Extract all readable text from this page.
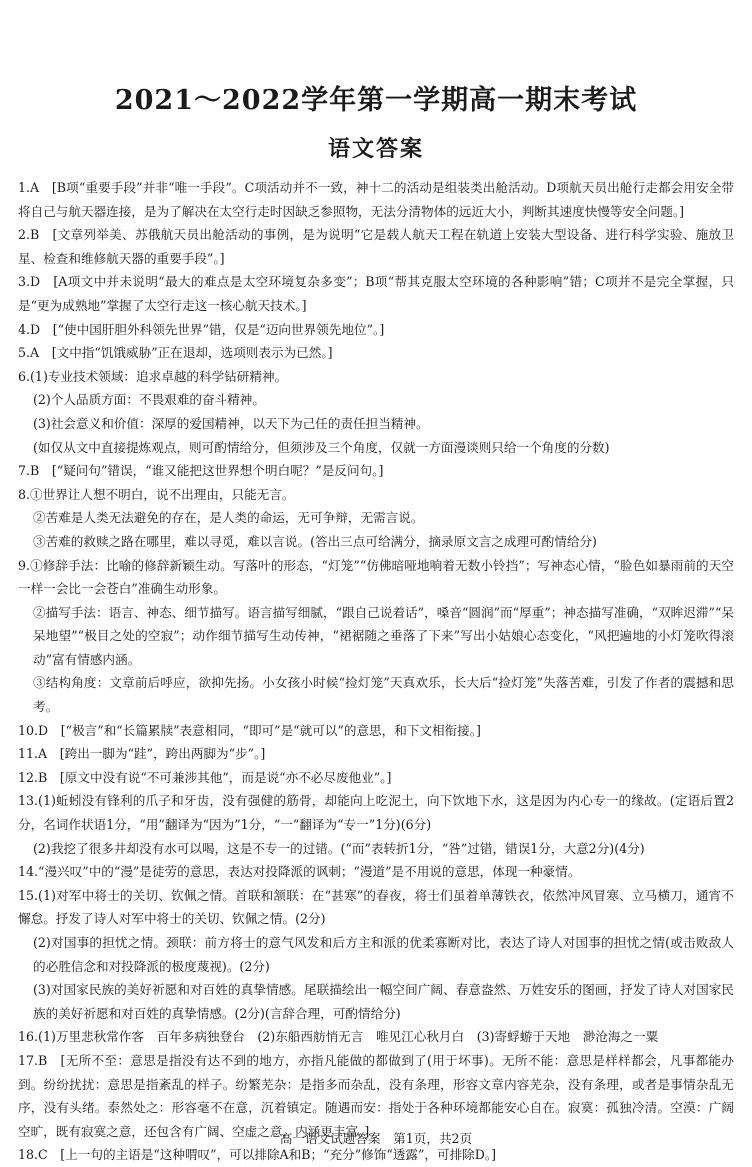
2021～2022学年第一学期高一期末考试
语文答案

1.A　[B项“重要手段”并非“唯一手段”。C项活动并不一致，神十二的活动是组装类出舱活动。D项航天员出舱行走都会用安全带将自己与航天器连接，是为了解决在太空行走时因缺乏参照物，无法分清物体的远近大小，判断其速度快慢等安全问题。]

2.B　[文章列举美、苏俄航天员出舱活动的事例，是为说明“它是载人航天工程在轨道上安装大型设备、进行科学实验、施放卫星、检查和维修航天器的重要手段”。]

3.D　[A项文中并未说明“最大的难点是太空环境复杂多变”；B项“帮其克服太空环境的各种影响”错；C项并不是完全掌握，只是“更为成熟地”掌握了太空行走这一核心航天技术。]

4.D　[“使中国肝胆外科领先世界”错，仅是“迈向世界领先地位”。]

5.A　[文中指“饥饿威胁”正在退却，选项则表示为已然。]

6.(1)专业技术领域：追求卓越的科学钻研精神。

(2)个人品质方面：不畏艰难的奋斗精神。

(3)社会意义和价值：深厚的爱国精神，以天下为己任的责任担当精神。

(如仅从文中直接提炼观点，则可酌情给分，但须涉及三个角度，仅就一方面漫谈则只给一个角度的分数)

7.B　[“疑问句”错误，“谁又能把这世界想个明白呢？”是反问句。]

8.①世界让人想不明白，说不出理由，只能无言。

②苦难是人类无法避免的存在，是人类的命运，无可争辩，无需言说。

③苦难的救赎之路在哪里，难以寻觅，难以言说。(答出三点可给满分，摘录原文言之成理可酌情给分)

9.①修辞手法：比喻的修辞新颖生动。写落叶的形态，“灯笼”“仿佛暗哑地响着无数小铃挡”；写神态心情，“脸色如暴雨前的天空一样一会比一会苍白”准确生动形象。

②描写手法：语言、神态、细节描写。语言描写细腻，“跟自己说着话”，嗓音“圆润”而“厚重”；神态描写准确，“双眸迟滞”“呆呆地望”“极目之处的空寂”；动作细节描写生动传神，“裙裾随之垂落了下来”写出小姑娘心态变化，“风把遍地的小灯笼吹得滚动”富有情感内涵。

③结构角度：文章前后呼应，欲抑先扬。小女孩小时候“捡灯笼”天真欢乐，长大后“捡灯笼”失落苦难，引发了作者的震撼和思考。

10.D　[“极言”和“长篇累牍”表意相同，“即可”是“就可以”的意思，和下文相衔接。]

11.A　[跨出一脚为“跬”，跨出两脚为“步”。]

12.B　[原文中没有说“不可兼涉其他”，而是说“亦不必尽废他业”。]

13.(1)蚯蚓没有锋利的爪子和牙齿，没有强健的筋骨，却能向上吃泥土，向下饮地下水，这是因为内心专一的缘故。(定语后置2分，名词作状语1分，“用”翻译为“因为”1分，“一”翻译为“专一”1分)(6分)

(2)我挖了很多井却没有水可以喝，这是不专一的过错。(“而”表转折1分，“咎”过错，错误1分，大意2分)(4分)

14.“漫兴叹”中的“漫”是徒劳的意思，表达对投降派的讽刺；“漫道”是不用说的意思，体现一种豪情。

15.(1)对军中将士的关切、钦佩之情。首联和颔联：在“甚寒”的春夜，将士们虽着单薄铁衣，依然冲风冒寒、立马横刀，通宵不懈怠。抒发了诗人对军中将士的关切、钦佩之情。(2分)

(2)对国事的担忧之情。颈联：前方将士的意气风发和后方主和派的优柔寡断对比，表达了诗人对国事的担忧之情(或击败敌人的必胜信念和对投降派的极度蔑视)。(2分)

(3)对国家民族的美好祈愿和对百姓的真挚情感。尾联描绘出一幅空间广阔、春意盎然、万姓安乐的图画，抒发了诗人对国家民族的美好祈愿和对百姓的真挚情感。(2分)(言辞合理，可酌情给分)

16.(1)万里悲秋常作客　百年多病独登台　(2)东船西舫悄无言　唯见江心秋月白　(3)寄蜉蝣于天地　渺沧海之一粟

17.B　[无所不至：意思是指没有达不到的地方，亦指凡能做的都做到了(用于坏事)。无所不能：意思是样样都会，凡事都能办到。纷纷扰扰：意思是指紊乱的样子。纷繁芜杂：是指多而杂乱，没有条理，形容文章内容芜杂，没有条理，或者是事情杂乱无序，没有头绪。泰然处之：形容毫不在意，沉着镇定。随遇而安：指处于各种环境都能安心自在。寂寞：孤独冷清。空漠：广阔空旷，既有寂寞之意，还包含有广阔、空虚之意，内涵更丰富。]

18.C　[上一句的主语是“这种喟叹”，可以排除A和B；“充分”修饰“透露”，可排除D。]

高一语文试题答案　第1页，共2页
